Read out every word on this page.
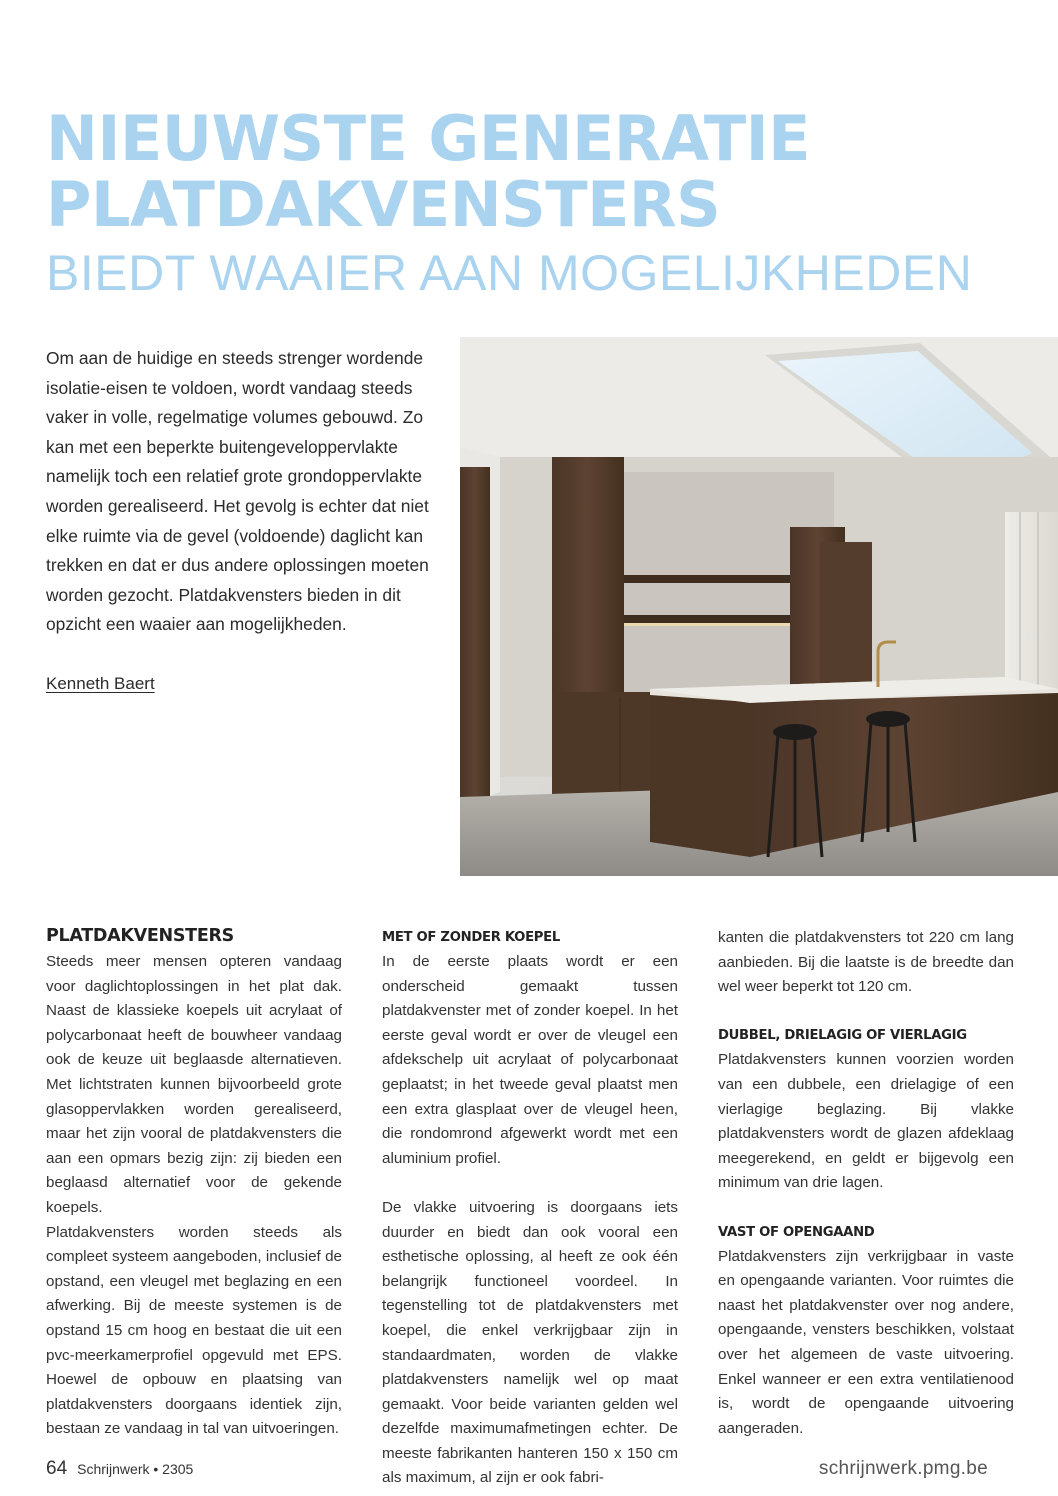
NIEUWSTE GENERATIE
PLATDAKVENSTERS
BIEDT WAAIER AAN MOGELIJKHEDEN

Om aan de huidige en steeds strenger wordende isolatie-eisen te voldoen, wordt vandaag steeds vaker in volle, regelmatige volumes gebouwd. Zo kan met een beperkte buitengeveloppervlakte namelijk toch een relatief grote grondoppervlakte worden gerealiseerd. Het gevolg is echter dat niet elke ruimte via de gevel (voldoende) daglicht kan trekken en dat er dus andere oplossingen moeten worden gezocht. Platdakvensters bieden in dit opzicht een waaier aan mogelijkheden.

Kenneth Baert
PLATDAKVENSTERS

Steeds meer mensen opteren vandaag voor daglichtoplossingen in het plat dak. Naast de klassieke koepels uit acrylaat of polycarbonaat heeft de bouwheer vandaag ook de keuze uit beglaasde alternatieven. Met lichtstraten kunnen bijvoorbeeld grote glasoppervlakken worden gerealiseerd, maar het zijn vooral de platdakvensters die aan een opmars bezig zijn: zij bieden een beglaasd alternatief voor de gekende koepels.

Platdakvensters worden steeds als compleet systeem aangeboden, inclusief de opstand, een vleugel met beglazing en een afwerking. Bij de meeste systemen is de opstand 15 cm hoog en bestaat die uit een pvc-meerkamerprofiel opgevuld met EPS. Hoewel de opbouw en plaatsing van platdakvensters doorgaans identiek zijn, bestaan ze vandaag in tal van uitvoeringen.

MET OF ZONDER KOEPEL

In de eerste plaats wordt er een onderscheid gemaakt tussen platdakvenster met of zonder koepel. In het eerste geval wordt er over de vleugel een afdekschelp uit acrylaat of polycarbonaat geplaatst; in het tweede geval plaatst men een extra glasplaat over de vleugel heen, die rondomrond afgewerkt wordt met een aluminium profiel.

De vlakke uitvoering is doorgaans iets duurder en biedt dan ook vooral een esthetische oplossing, al heeft ze ook één belangrijk functioneel voordeel. In tegenstelling tot de platdakvensters met koepel, die enkel verkrijgbaar zijn in standaardmaten, worden de vlakke platdakvensters namelijk wel op maat gemaakt. Voor beide varianten gelden wel dezelfde maximumafmetingen echter. De meeste fabrikanten hanteren 150 x 150 cm als maximum, al zijn er ook fabri-

kanten die platdakvensters tot 220 cm lang aanbieden. Bij die laatste is de breedte dan wel weer beperkt tot 120 cm.

DUBBEL, DRIELAGIG OF VIERLAGIG

Platdakvensters kunnen voorzien worden van een dubbele, een drielagige of een vierlagige beglazing. Bij vlakke platdakvensters wordt de glazen afdeklaag meegerekend, en geldt er bijgevolg een minimum van drie lagen.

VAST OF OPENGAAND

Platdakvensters zijn verkrijgbaar in vaste en opengaande varianten. Voor ruimtes die naast het platdakvenster over nog andere, opengaande, vensters beschikken, volstaat over het algemeen de vaste uitvoering. Enkel wanneer er een extra ventilatienood is, wordt de opengaande uitvoering aangeraden.

64 Schrijnwerk • 2305	schrijnwerk.pmg.be
